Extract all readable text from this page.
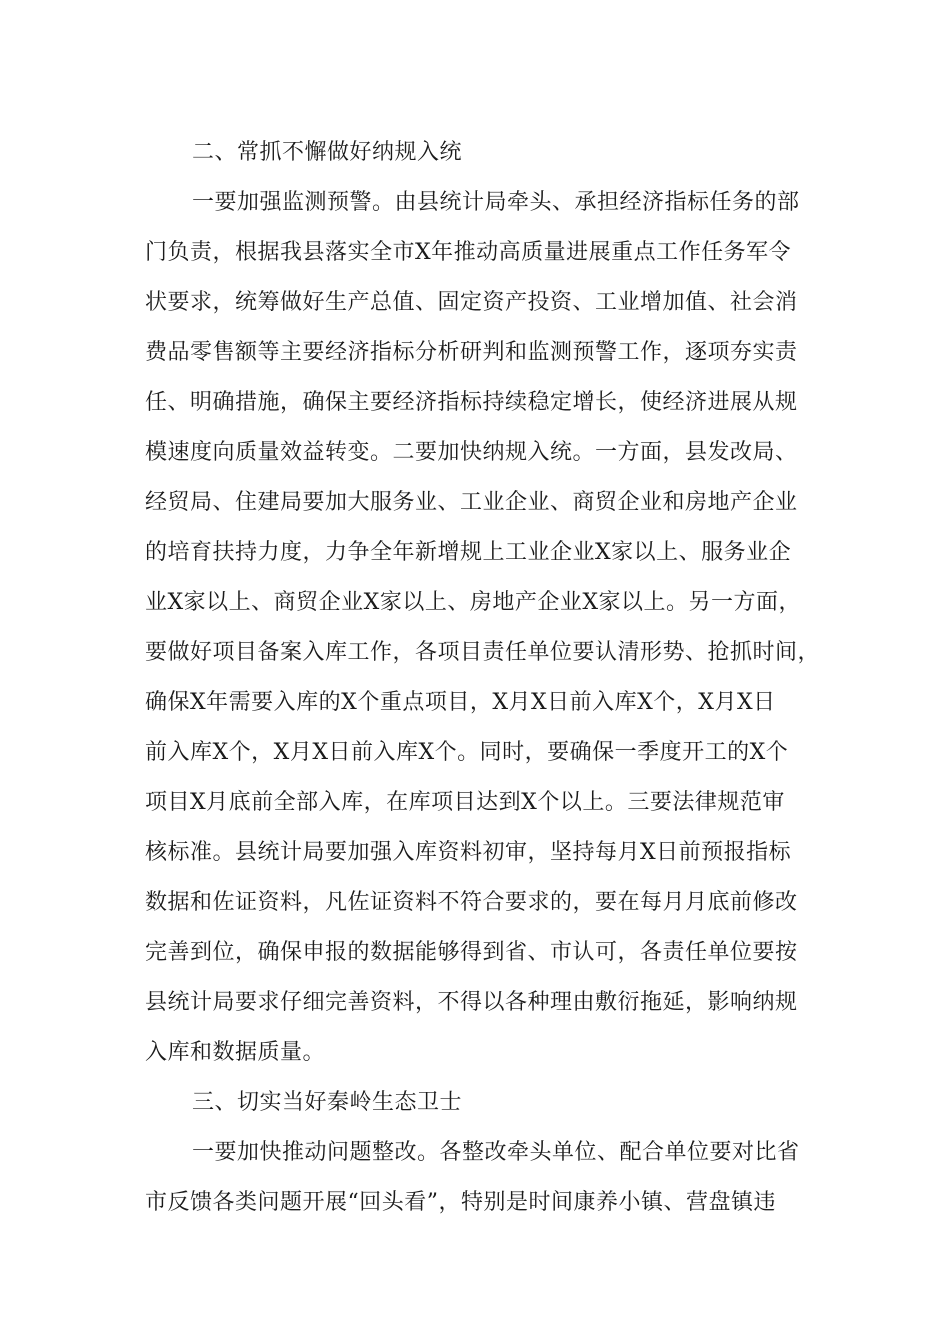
二、常抓不懈做好纳规入统
一要加强监测预警。由县统计局牵头、承担经济指标任务的部
门负责，根据我县落实全市X年推动高质量进展重点工作任务军令
状要求，统筹做好生产总值、固定资产投资、工业增加值、社会消
费品零售额等主要经济指标分析研判和监测预警工作，逐项夯实责
任、明确措施，确保主要经济指标持续稳定增长，使经济进展从规
模速度向质量效益转变。二要加快纳规入统。一方面，县发改局、
经贸局、住建局要加大服务业、工业企业、商贸企业和房地产企业
的培育扶持力度，力争全年新增规上工业企业X家以上、服务业企
业X家以上、商贸企业X家以上、房地产企业X家以上。另一方面，
要做好项目备案入库工作，各项目责任单位要认清形势、抢抓时间，
确保X年需要入库的X个重点项目，X月X日前入库X个，X月X日
前入库X个，X月X日前入库X个。同时，要确保一季度开工的X个
项目X月底前全部入库，在库项目达到X个以上。三要法律规范审
核标准。县统计局要加强入库资料初审，坚持每月X日前预报指标
数据和佐证资料，凡佐证资料不符合要求的，要在每月月底前修改
完善到位，确保申报的数据能够得到省、市认可，各责任单位要按
县统计局要求仔细完善资料，不得以各种理由敷衍拖延，影响纳规
入库和数据质量。
三、切实当好秦岭生态卫士
一要加快推动问题整改。各整改牵头单位、配合单位要对比省
市反馈各类问题开展“回头看”，特别是时间康养小镇、营盘镇违
